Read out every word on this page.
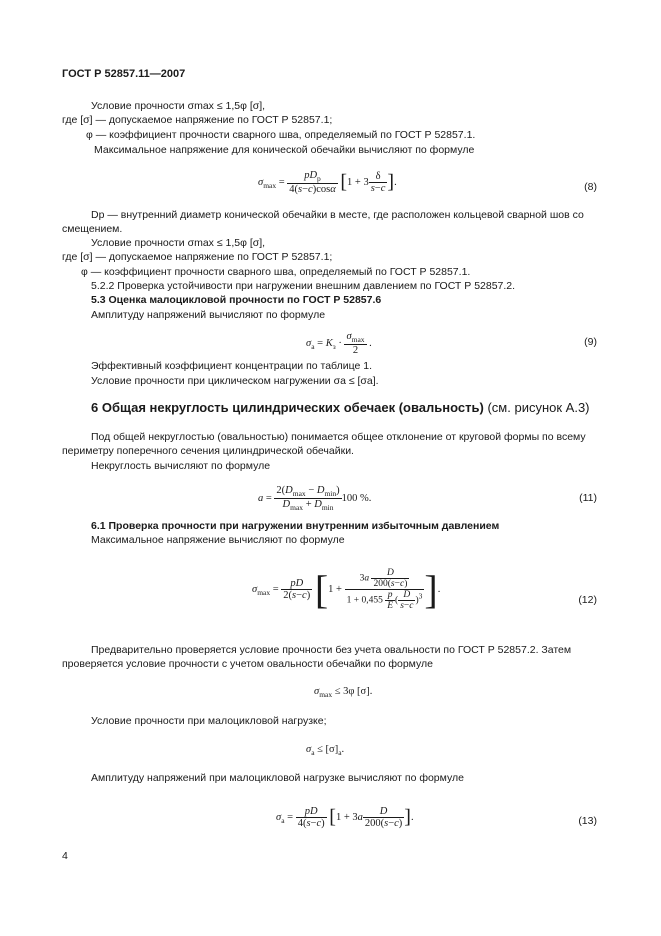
ГОСТ Р 52857.11—2007
Условие прочности σmax ≤ 1,5φ [σ],
где [σ] — допускаемое напряжение по ГОСТ Р 52857.1;
φ — коэффициент прочности сварного шва, определяемый по ГОСТ Р 52857.1.
Максимальное напряжение для конической обечайки вычисляют по формуле
$\sigma_{max} = \frac{pD_р}{4(s-c)\cos\alpha} [1 + 3 \frac{\delta}{s-c}$ ].	(8)
Dр — внутренний диаметр конической обечайки в месте, где расположен кольцевой сварной шов со
смещением.
Условие прочности σmax ≤ 1,5φ [σ],
где [σ] — допускаемое напряжение по ГОСТ Р 52857.1;
φ — коэффициент прочности сварного шва, определяемый по ГОСТ Р 52857.1.
5.2.2 Проверка устойчивости при нагружении внешним давлением по ГОСТ Р 52857.2.
5.3 Оценка малоцикловой прочности по ГОСТ Р 52857.6
Амплитуду напряжений вычисляют по формуле
$\sigma_а = K_з \cdot \frac{\sigma_{max}}{2}$ .	(9)
Эффективный коэффициент концентрации по таблице 1.
Условие прочности при циклическом нагружении σа ≤ [σа].
6 Общая некруглость цилиндрических обечаек (овальность) (см. рисунок А.3)
Под общей некруглостью (овальностью) понимается общее отклонение от круговой формы по всему
периметру поперечного сечения цилиндрической обечайки.
Некруглость вычисляют по формуле
$a = \frac{2(D_{max} - D_{min})}{D_{max} + D_{min}} 100$ %.	(11)
6.1 Проверка прочности при нагружении внутренним избыточным давлением
Максимальное напряжение вычисляют по формуле
$\sigma_{max} = \frac{pD}{2(s-c)} [1 + \frac{3a \frac{D}{200(s-c)}}{1 + 0,455 \frac{p}{E} ( \frac{D}{s-c} )^3}$ ].
(12)
Предварительно проверяется условие прочности без учета овальности по ГОСТ Р 52857.2. Затем
проверяется условие прочности с учетом овальности обечайки по формуле
$\sigma_{max} \le 3\varphi$ [σ].
Условие прочности при малоцикловой нагрузке;
$\sigma_a \le [\sigma]_a$.
Амплитуду напряжений при малоцикловой нагрузке вычисляют по формуле
$\sigma_a = \frac{pD}{4(s-c)} [1 + 3a \frac{D}{200(s-c)}$ ].	(13)
4
